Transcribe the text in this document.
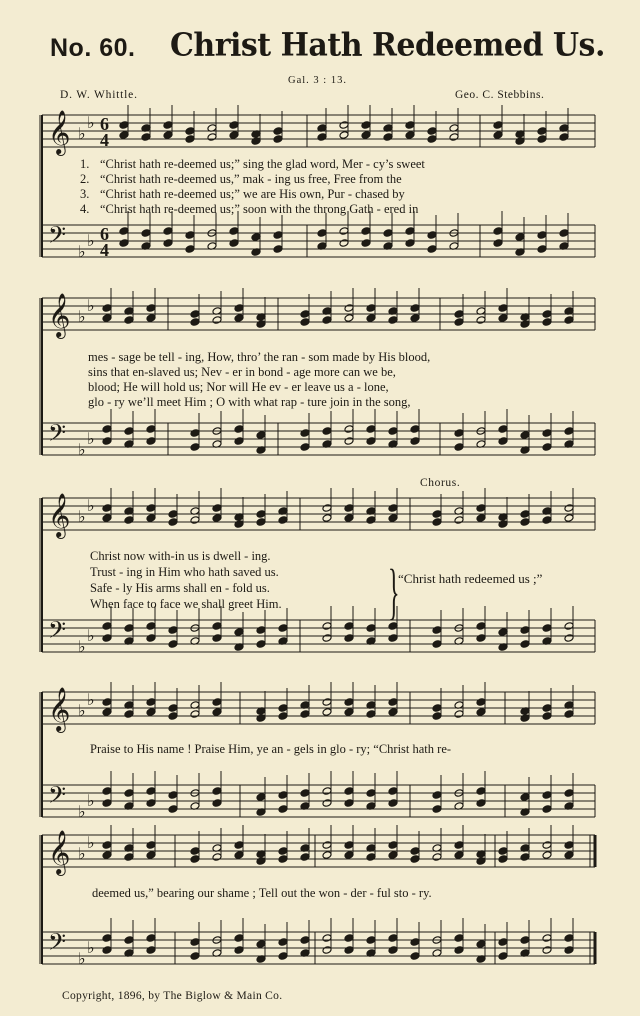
No. 60. Christ Hath Redeemed Us.
Gal. 3 : 13.
D. W. Whittle.	Geo. C. Stebbins.
𝄞
𝄢
♭
♭
♭
♭
6
4
6
4
𝄞
𝄢
♭
♭
♭
♭
𝄞
𝄢
♭
♭
♭
♭
𝄞
𝄢
♭
♭
♭
♭
𝄞
𝄢
♭
♭
♭
♭
1.
2.
3.
4.
“Christ hath re-deemed us;” sing the glad word, Mer - cy’s sweet
“Christ hath re-deemed us,” mak - ing us free, Free from the
“Christ hath re-deemed us;” we are His own, Pur - chased by
“Christ hath re-deemed us;” soon with the throng Gath - ered in
mes - sage be tell - ing, How, thro’ the ran - som made by His blood,
sins that en-slaved us; Nev - er in bond - age more can we be,
blood; He will hold us; Nor will He ev - er leave us a - lone,
glo - ry we’ll meet Him ; O with what rap - ture join in the song,
Chorus.
Christ now with-in us is dwell - ing.
Trust - ing in Him who hath saved us.
Safe - ly His arms shall en - fold us.
When face to face we shall greet Him.	}
“Christ hath redeemed us ;”
Praise to His name ! Praise Him, ye an - gels in glo - ry; “Christ hath re-
deemed us,” bearing our shame ; Tell out the won - der - ful sto - ry.
Copyright, 1896, by The Biglow & Main Co.
